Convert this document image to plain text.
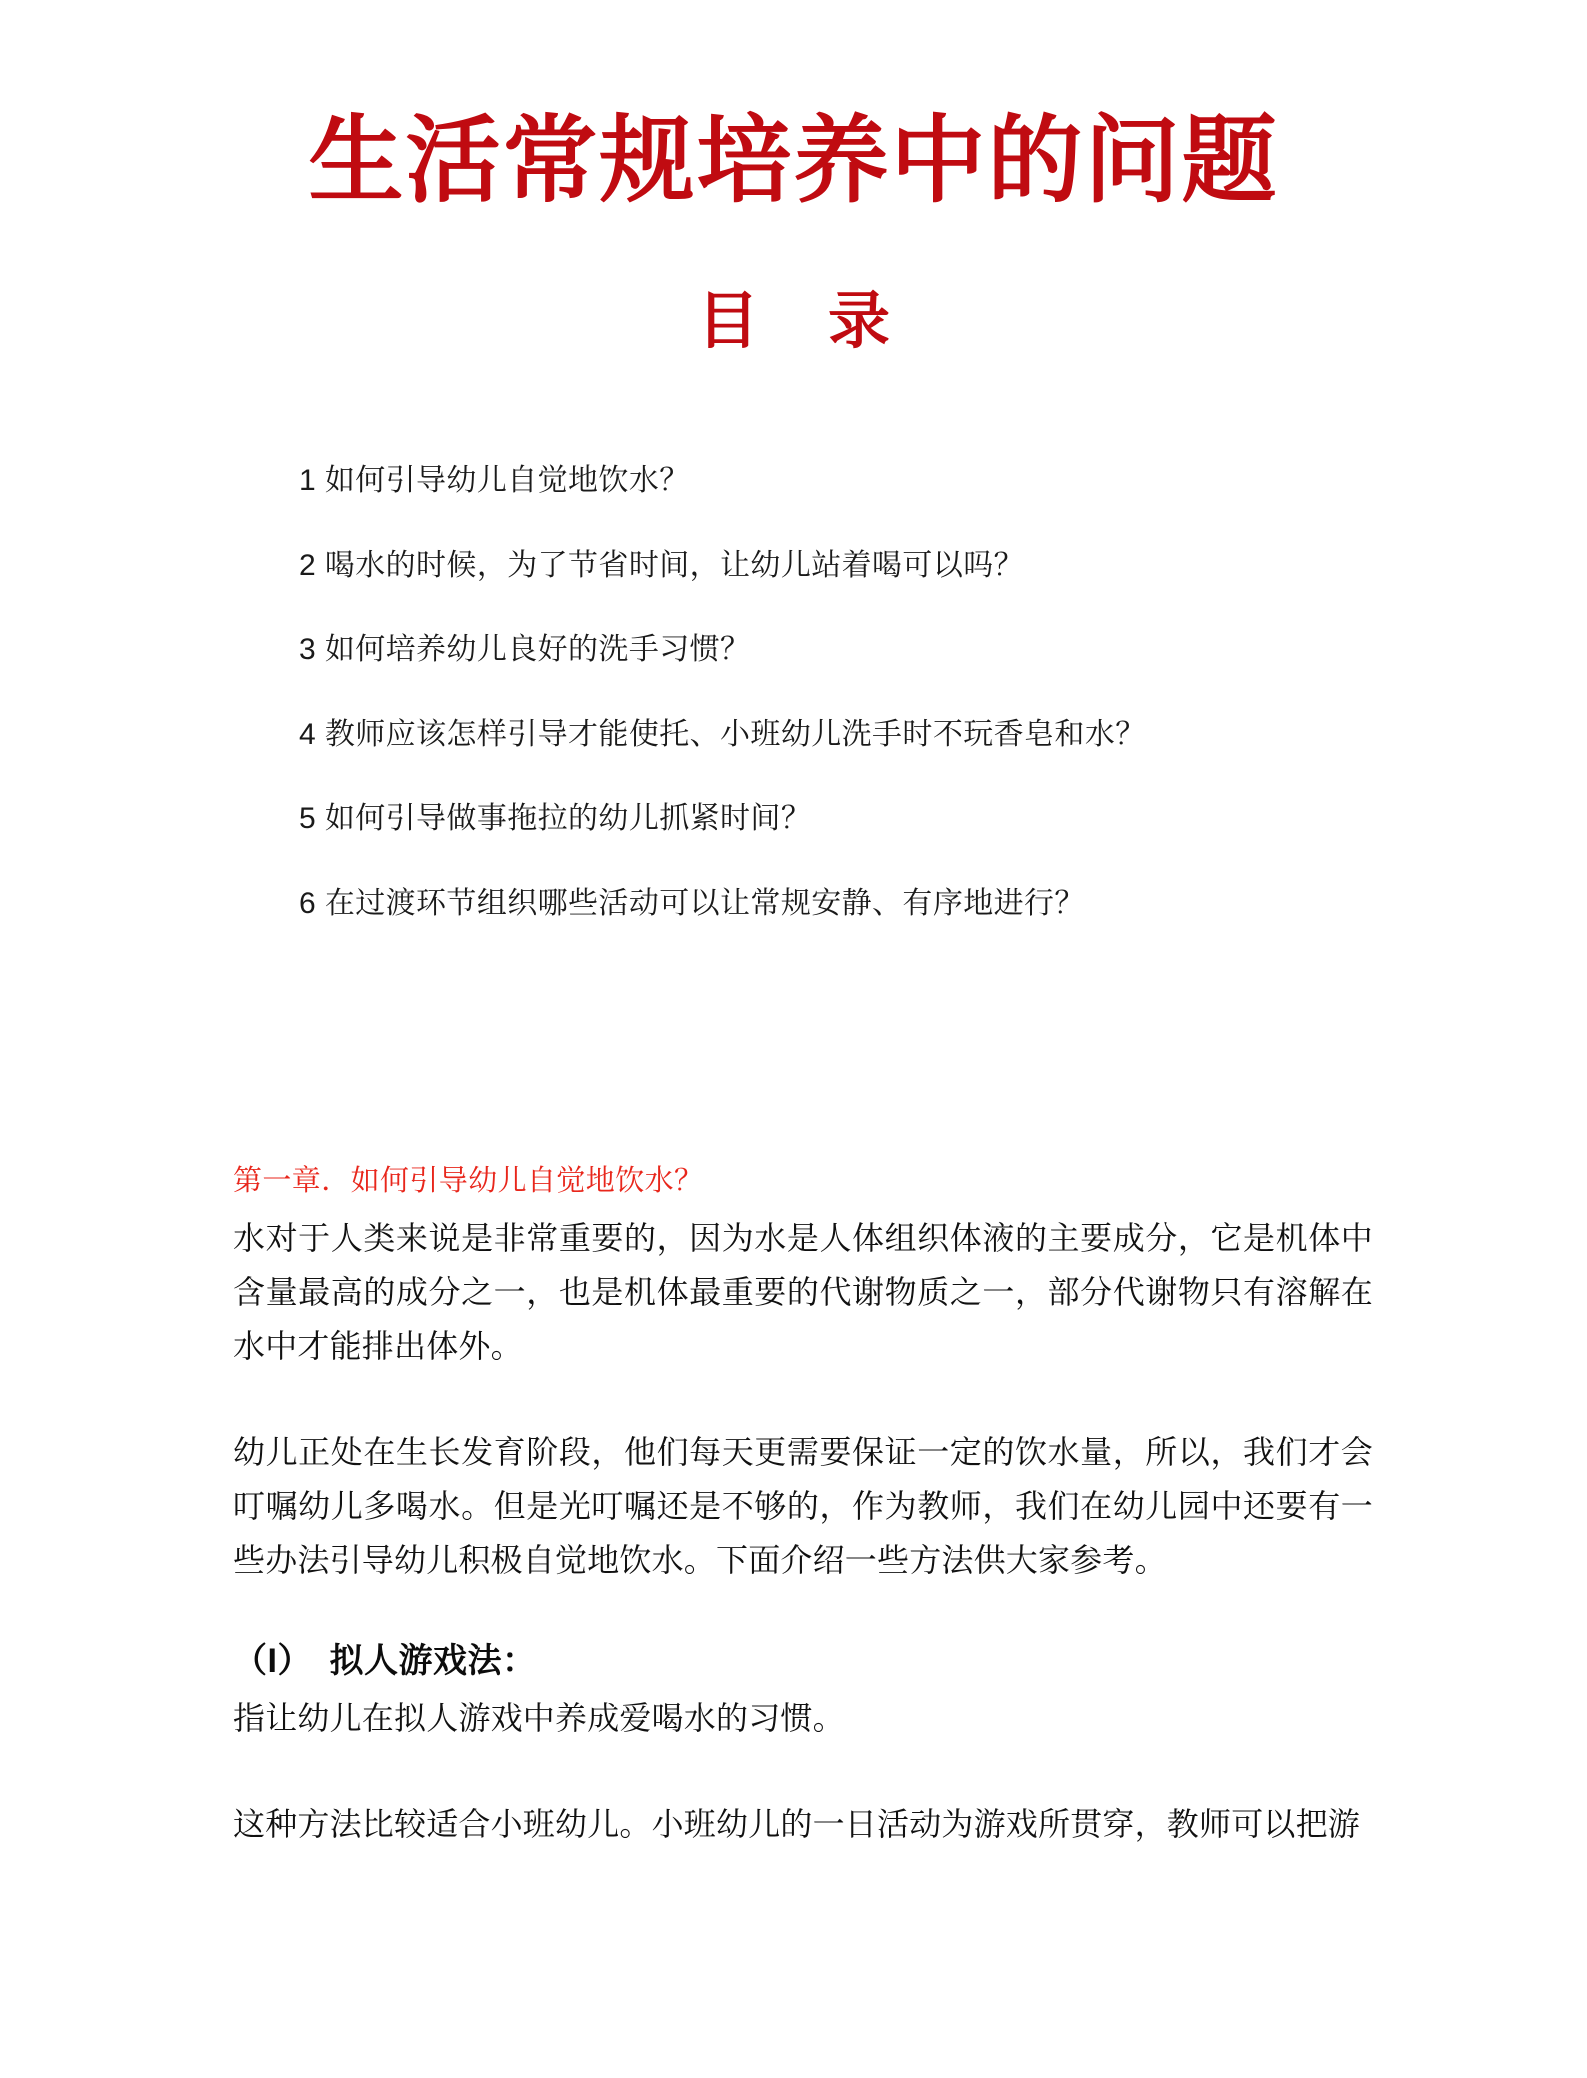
生活常规培养中的问题
目    录
1 如何引导幼儿自觉地饮水？
2 喝水的时候，为了节省时间，让幼儿站着喝可以吗？
3 如何培养幼儿良好的洗手习惯？
4 教师应该怎样引导才能使托、小班幼儿洗手时不玩香皂和水？
5 如何引导做事拖拉的幼儿抓紧时间？
6 在过渡环节组织哪些活动可以让常规安静、有序地进行？
第一章．如何引导幼儿自觉地饮水？

水对于人类来说是非常重要的，因为水是人体组织体液的主要成分，它是机体中含量最高的成分之一，也是机体最重要的代谢物质之一，部分代谢物只有溶解在水中才能排出体外。

幼儿正处在生长发育阶段，他们每天更需要保证一定的饮水量，所以，我们才会叮嘱幼儿多喝水。但是光叮嘱还是不够的，作为教师，我们在幼儿园中还要有一些办法引导幼儿积极自觉地饮水。下面介绍一些方法供大家参考。

（I）　拟人游戏法：

指让幼儿在拟人游戏中养成爱喝水的习惯。

这种方法比较适合小班幼儿。小班幼儿的一日活动为游戏所贯穿，教师可以把游
